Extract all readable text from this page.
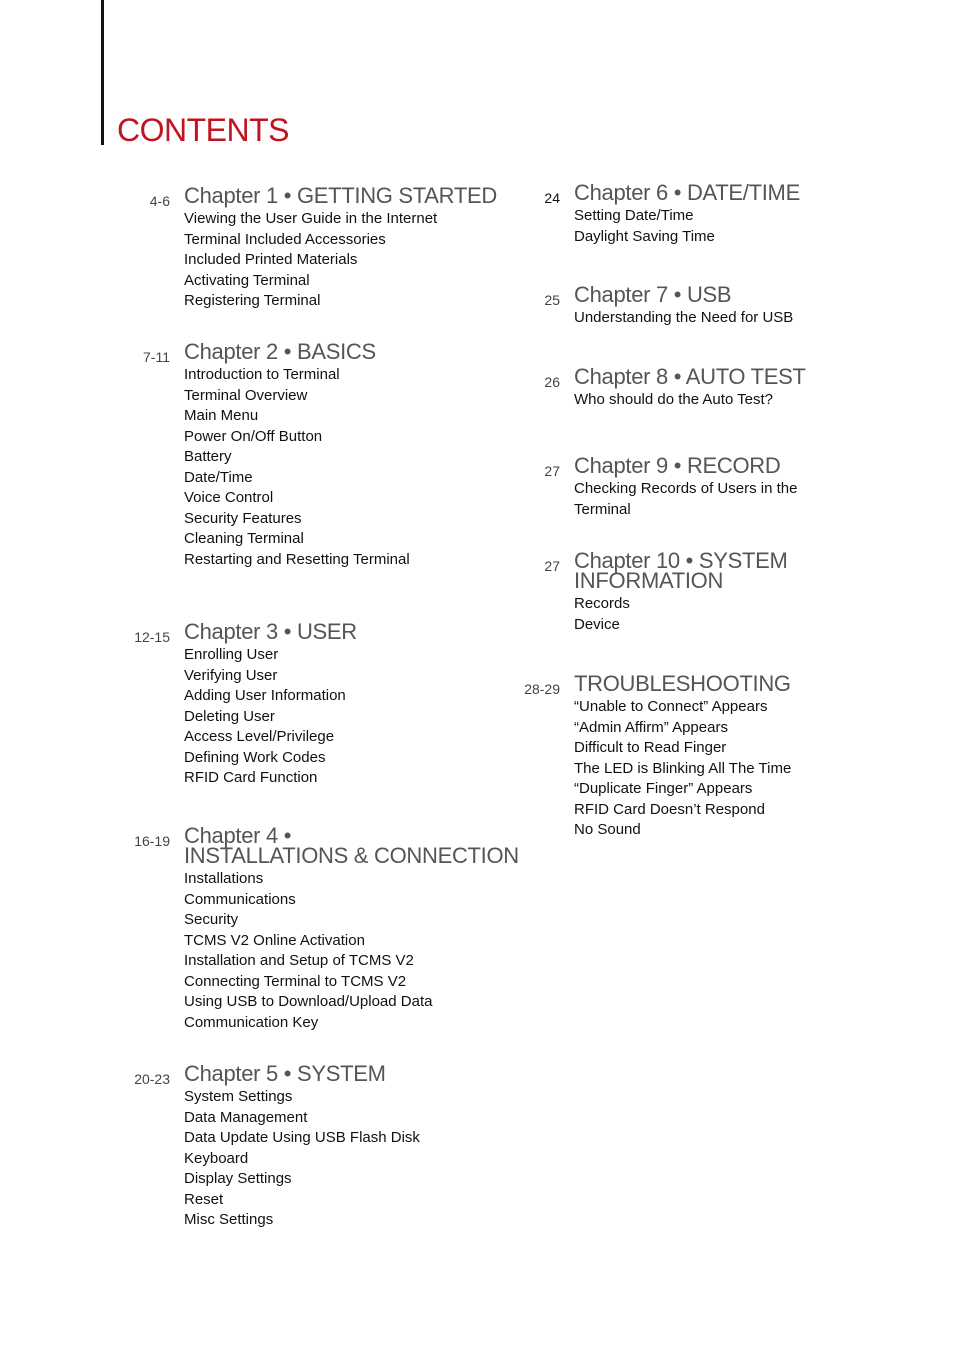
CONTENTS
4-6 Chapter 1 • GETTING STARTED
Viewing the User Guide in the Internet
Terminal Included Accessories
Included Printed Materials
Activating Terminal
Registering Terminal
7-11 Chapter 2 • BASICS
Introduction to Terminal
Terminal Overview
Main Menu
Power On/Off Button
Battery
Date/Time
Voice Control
Security Features
Cleaning Terminal
Restarting and Resetting Terminal
12-15 Chapter 3 • USER
Enrolling User
Verifying User
Adding User Information
Deleting User
Access Level/Privilege
Defining Work Codes
RFID Card Function
16-19 Chapter 4 •
INSTALLATIONS & CONNECTION
Installations
Communications
Security
TCMS V2 Online Activation
Installation and Setup of TCMS V2
Connecting Terminal to TCMS V2
Using USB to Download/Upload Data
Communication Key
20-23 Chapter 5 • SYSTEM
System Settings
Data Management
Data Update Using USB Flash Disk
Keyboard
Display Settings
Reset
Misc Settings
24 Chapter 6 • DATE/TIME
Setting Date/Time
Daylight Saving Time
25 Chapter 7 • USB
Understanding the Need for USB
26 Chapter 8 • AUTO TEST
Who should do the Auto Test?
27 Chapter 9 • RECORD
Checking Records of Users in the
Terminal
27 Chapter 10 • SYSTEM
INFORMATION
Records
Device
28-29 TROUBLESHOOTING
“Unable to Connect” Appears
“Admin Affirm” Appears
Difficult to Read Finger
The LED is Blinking All The Time
“Duplicate Finger” Appears
RFID Card Doesn’t Respond
No Sound
